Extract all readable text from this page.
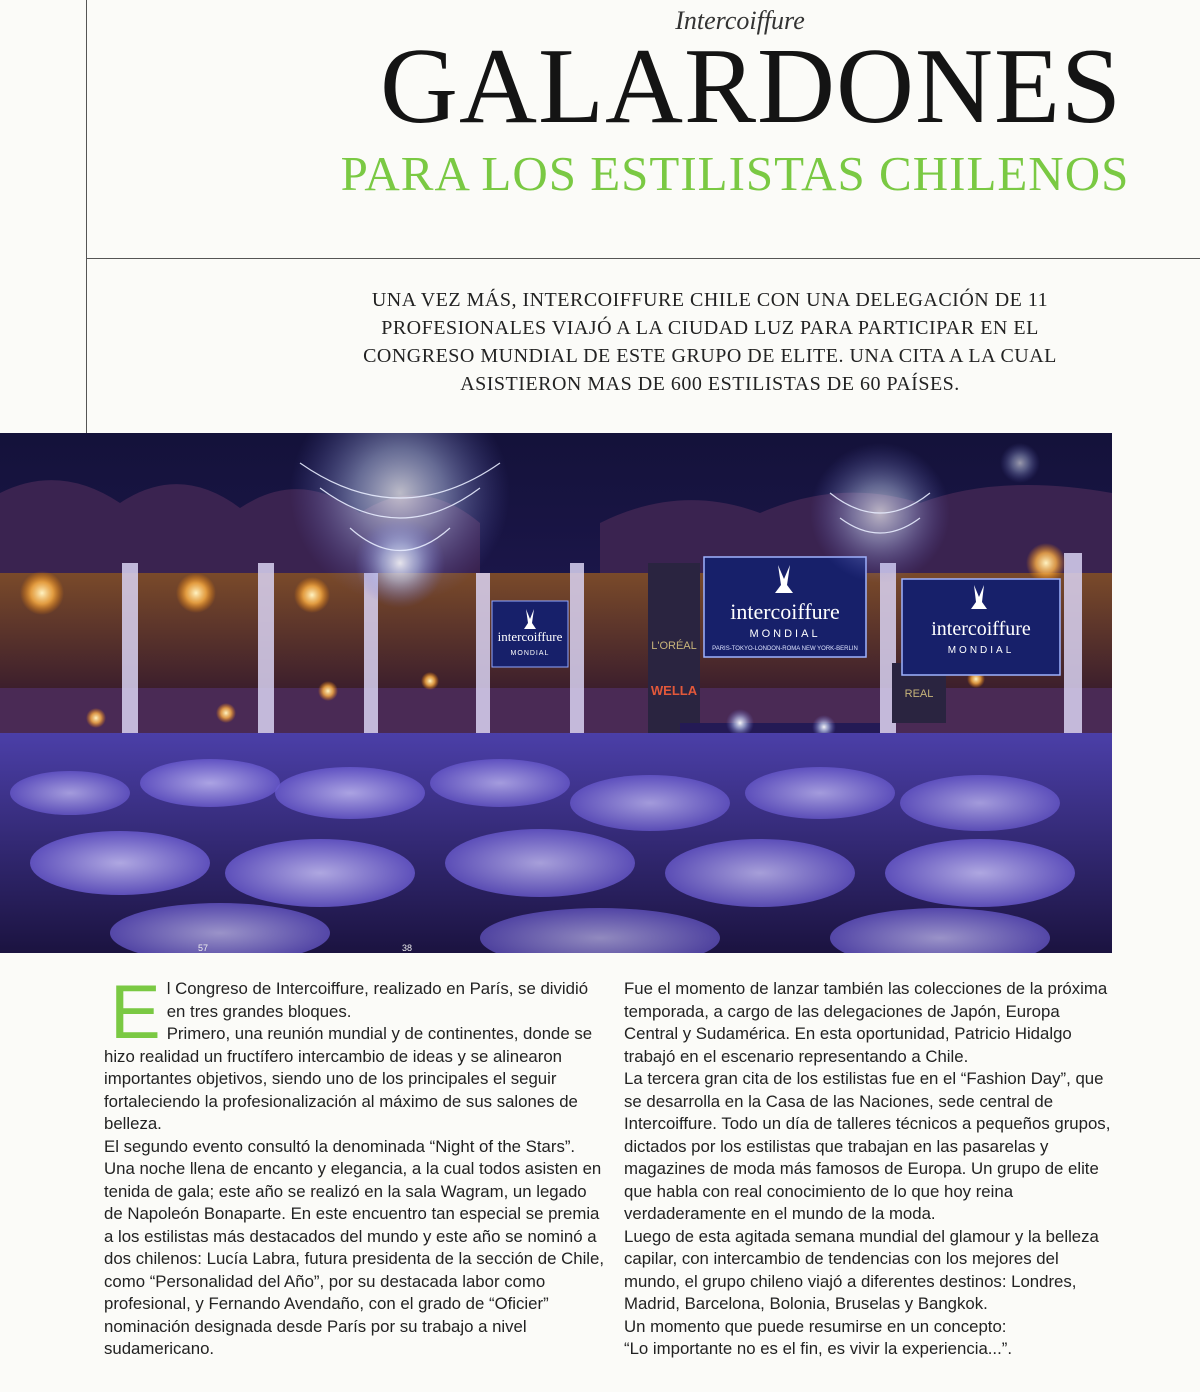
Intercoiffure
GALARDONES
PARA LOS ESTILISTAS CHILENOS
UNA VEZ MÁS, INTERCOIFFURE CHILE CON UNA DELEGACIÓN DE 11 PROFESIONALES VIAJÓ A LA CIUDAD LUZ PARA PARTICIPAR EN EL CONGRESO MUNDIAL DE ESTE GRUPO DE ELITE. UNA CITA A LA CUAL ASISTIERON MAS DE 600 ESTILISTAS DE 60 PAÍSES.
L'ORÉAL
WELLA	REAL
intercoiffure
MONDIAL
intercoiffure
MONDIAL
PARIS-TOKYO-LONDON-ROMA NEW YORK-BERLIN
intercoiffure
MONDIAL
57	38
E l Congreso de Intercoiffure, realizado en París, se dividió en tres grandes bloques.

Primero, una reunión mundial y de continentes, donde se hizo realidad un fructífero intercambio de ideas y se alinearon importantes objetivos, siendo uno de los principales el seguir fortaleciendo la profesionalización al máximo de sus salones de belleza.

El segundo evento consultó la denominada “Night of the Stars”. Una noche llena de encanto y elegancia, a la cual todos asisten en tenida de gala; este año se realizó en la sala Wagram, un legado de Napoleón Bonaparte. En este encuentro tan especial se premia a los estilistas más destacados del mundo y este año se nominó a dos chilenos: Lucía Labra, futura presidenta de la sección de Chile, como “Personalidad del Año”, por su destacada labor como profesional, y Fernando Avendaño, con el grado de “Oficier” nominación designada desde París por su trabajo a nivel sudamericano.

Fue el momento de lanzar también las colecciones de la próxima temporada, a cargo de las delegaciones de Japón, Europa Central y Sudamérica. En esta oportunidad, Patricio Hidalgo trabajó en el escenario representando a Chile.

La tercera gran cita de los estilistas fue en el “Fashion Day”, que se desarrolla en la Casa de las Naciones, sede central de Intercoiffure. Todo un día de talleres técnicos a pequeños grupos, dictados por los estilistas que trabajan en las pasarelas y magazines de moda más famosos de Europa. Un grupo de elite que habla con real conocimiento de lo que hoy reina verdaderamente en el mundo de la moda.

Luego de esta agitada semana mundial del glamour y la belleza capilar, con intercambio de tendencias con los mejores del mundo, el grupo chileno viajó a diferentes destinos: Londres, Madrid, Barcelona, Bolonia, Bruselas y Bangkok.

Un momento que puede resumirse en un concepto:

“Lo importante no es el fin, es vivir la experiencia...”.
